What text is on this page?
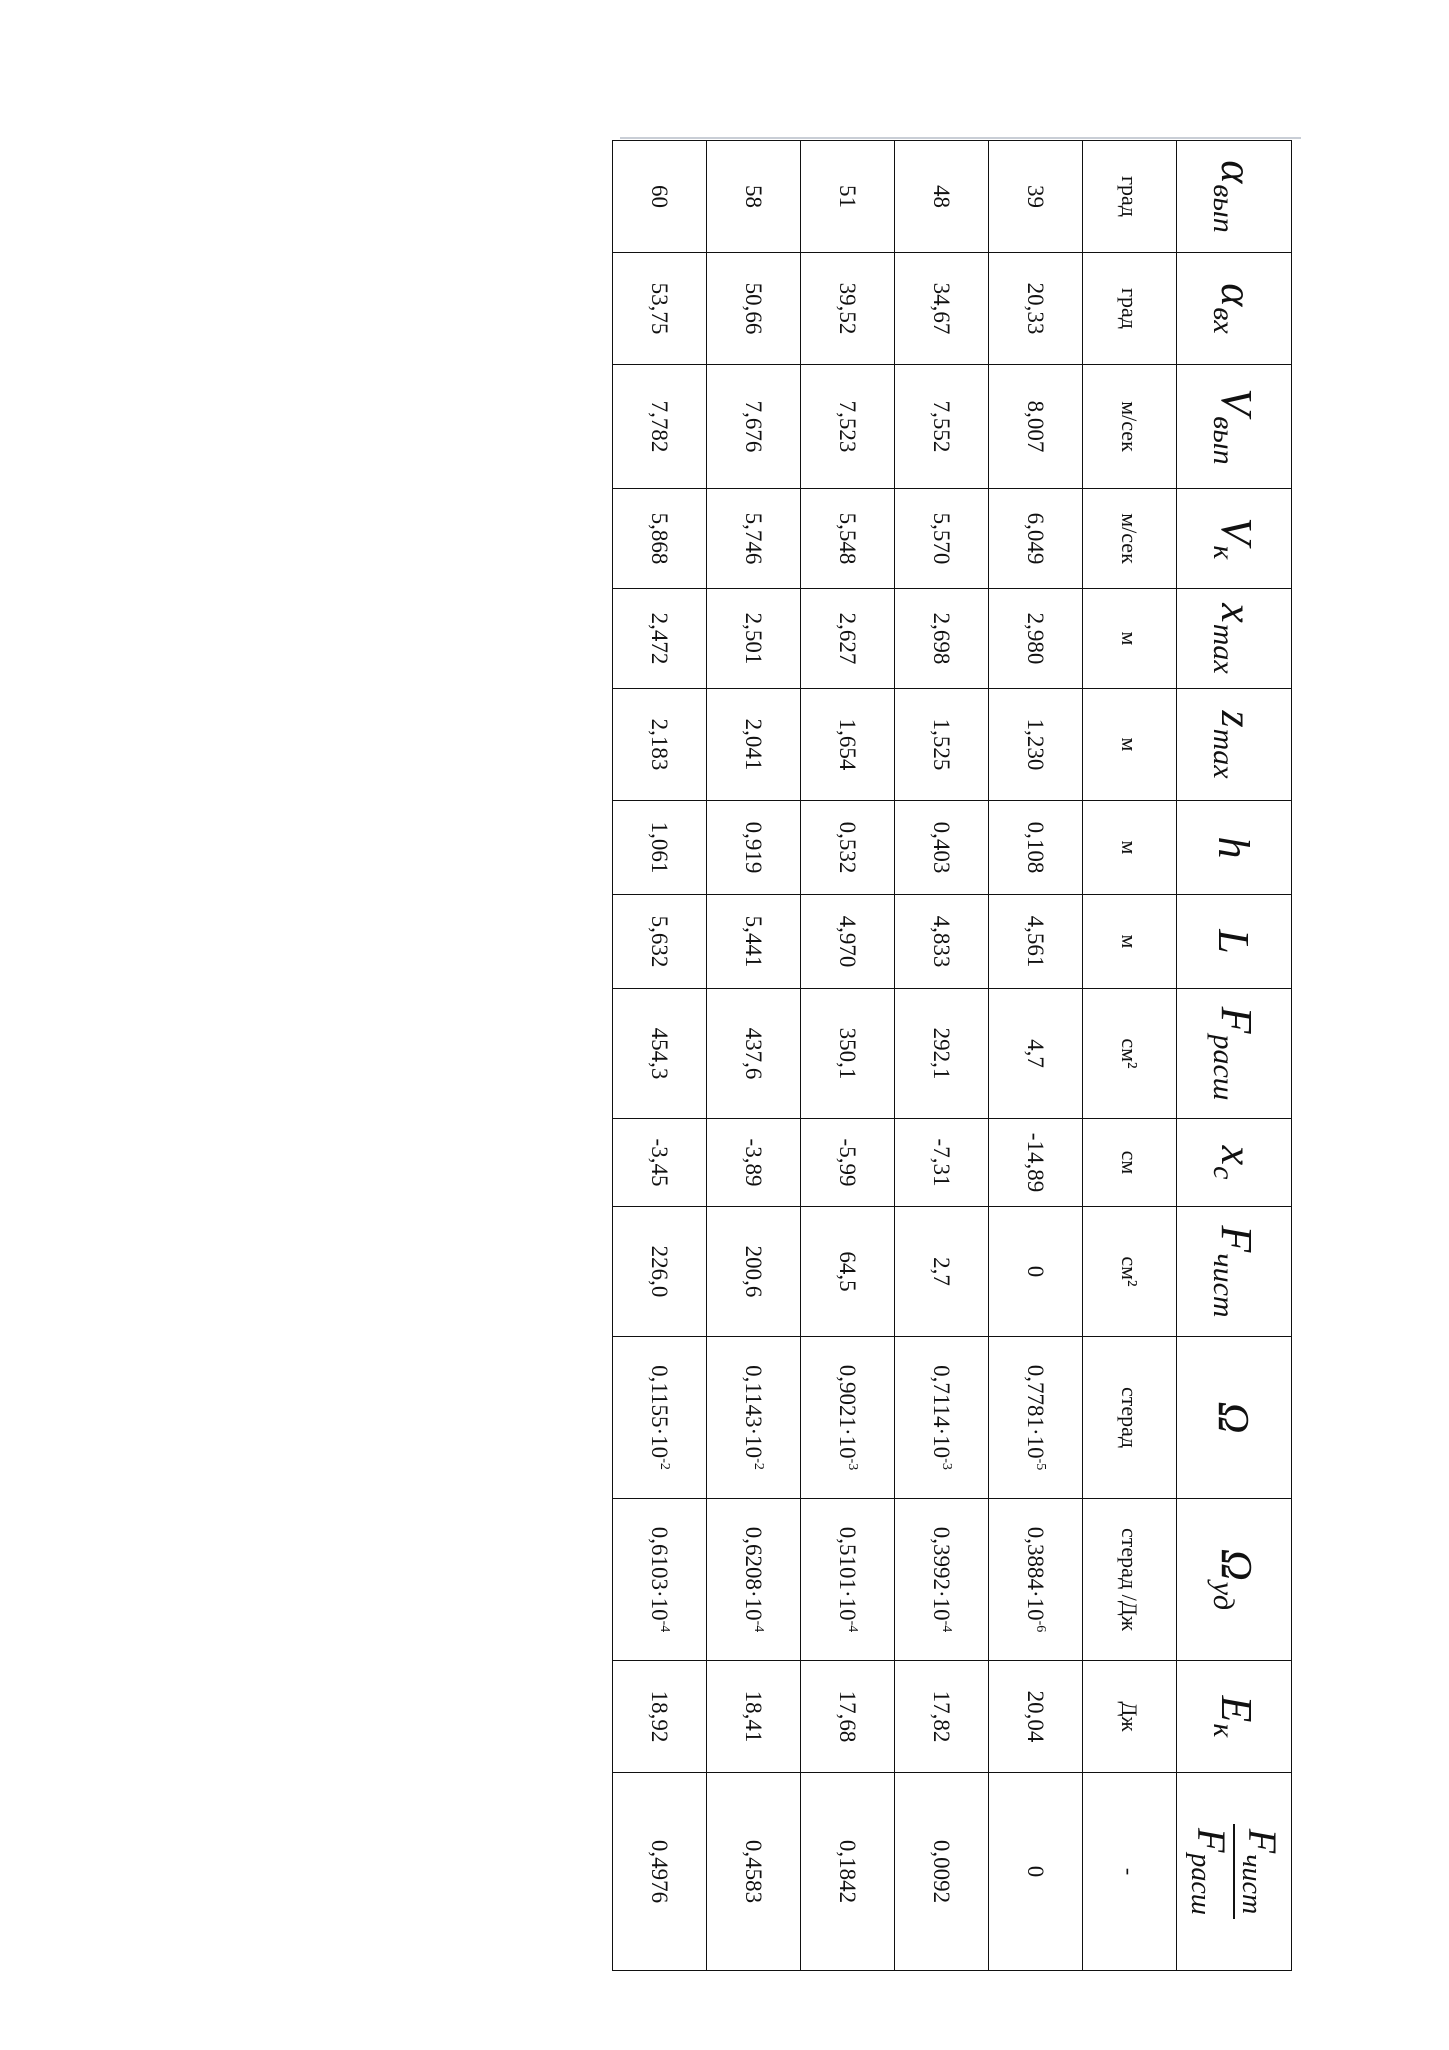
$\alpha_{вып}$	$\alpha_{вх}$	$V_{вып}$	$V_к$	$x_{max}$	$z_{max}$	h	L	$F_{расш}$	$x_c$	$F_{чист}$	Ω	$\Omega_{уд}$	$E_к$	$F_{чист}$
$F_{расш}$

град	град	м/сек	м/сек	м	м	м	м	см²	см	см²	стерад	стерад /Дж	Дж	-
39	20,33	8,007	6,049	2,980	1,230	0,108	4,561	4,7	-14,89	0	$0,7781\cdot 10^{-5}$	$0,3884\cdot 10^{-6}$	20,04	0
48	34,67	7,552	5,570	2,698	1,525	0,403	4,833	292,1	-7,31	2,7	$0,7114\cdot 10^{-3}$	$0,3992\cdot 10^{-4}$	17,82	0,0092
51	39,52	7,523	5,548	2,627	1,654	0,532	4,970	350,1	-5,99	64,5	$0,9021\cdot 10^{-3}$	$0,5101\cdot 10^{-4}$	17,68	0,1842
58	50,66	7,676	5,746	2,501	2,041	0,919	5,441	437,6	-3,89	200,6	$0,1143\cdot 10^{-2}$	$0,6208\cdot 10^{-4}$	18,41	0,4583
60	53,75	7,782	5,868	2,472	2,183	1,061	5,632	454,3	-3,45	226,0	$0,1155\cdot 10^{-2}$	$0,6103\cdot 10^{-4}$	18,92	0,4976
